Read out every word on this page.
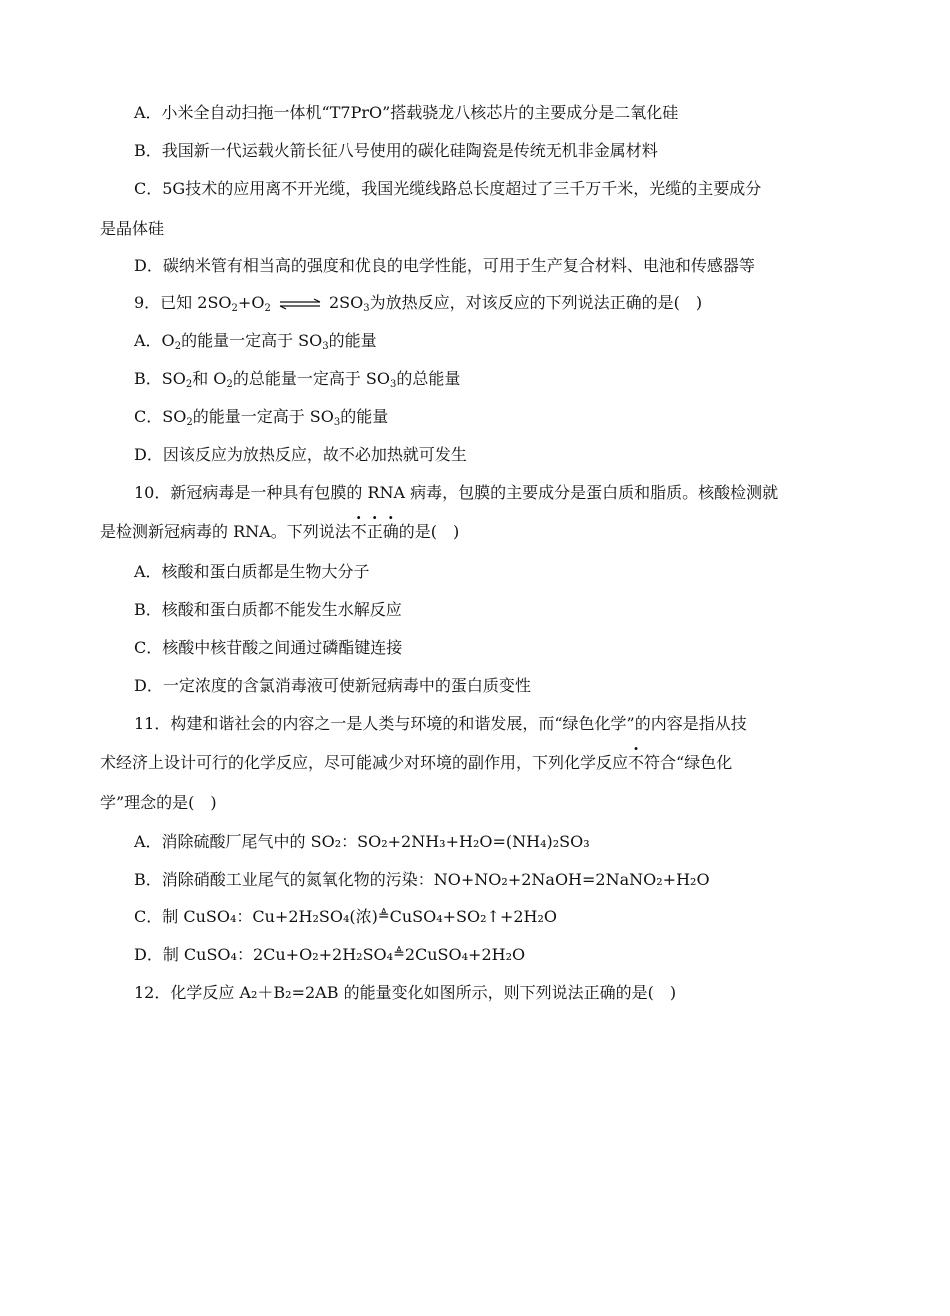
A．小米全自动扫拖一体机“T7PrO”搭载骁龙八核芯片的主要成分是二氧化硅
B．我国新一代运载火箭长征八号使用的碳化硅陶瓷是传统无机非金属材料
C．5G技术的应用离不开光缆，我国光缆线路总长度超过了三千万千米，光缆的主要成分
是晶体硅
D．碳纳米管有相当高的强度和优良的电学性能，可用于生产复合材料、电池和传感器等
9．已知 $2SO_2+O_2$ ⇌ $2SO_3$为放热反应，对该反应的下列说法正确的是(　)
A．$O_2$的能量一定高于 $SO_3$的能量
B．$SO_2$和 $O_2$的总能量一定高于 $SO_3$的总能量
C．$SO_2$的能量一定高于 $SO_3$的能量
D．因该反应为放热反应，故不必加热就可发生
10．新冠病毒是一种具有包膜的 RNA 病毒，包膜的主要成分是蛋白质和脂质。核酸检测就
是检测新冠病毒的 RNA。下列说法不正确的是(　)
A．核酸和蛋白质都是生物大分子
B．核酸和蛋白质都不能发生水解反应
C．核酸中核苷酸之间通过磷酯键连接
D．一定浓度的含氯消毒液可使新冠病毒中的蛋白质变性
11．构建和谐社会的内容之一是人类与环境的和谐发展，而“绿色化学”的内容是指从技
术经济上设计可行的化学反应，尽可能减少对环境的副作用，下列化学反应不符合“绿色化
学”理念的是(　)
A．消除硫酸厂尾气中的 SO₂：SO₂+2NH₃+H₂O=(NH₄)₂SO₃
B．消除硝酸工业尾气的氮氧化物的污染：NO+NO₂+2NaOH=2NaNO₂+H₂O
C．制 CuSO₄：Cu+2H₂SO₄(浓)≜CuSO₄+SO₂↑+2H₂O
D．制 CuSO₄：2Cu+O₂+2H₂SO₄≜2CuSO₄+2H₂O
12．化学反应 A₂＋B₂=2AB 的能量变化如图所示，则下列说法正确的是(　)
